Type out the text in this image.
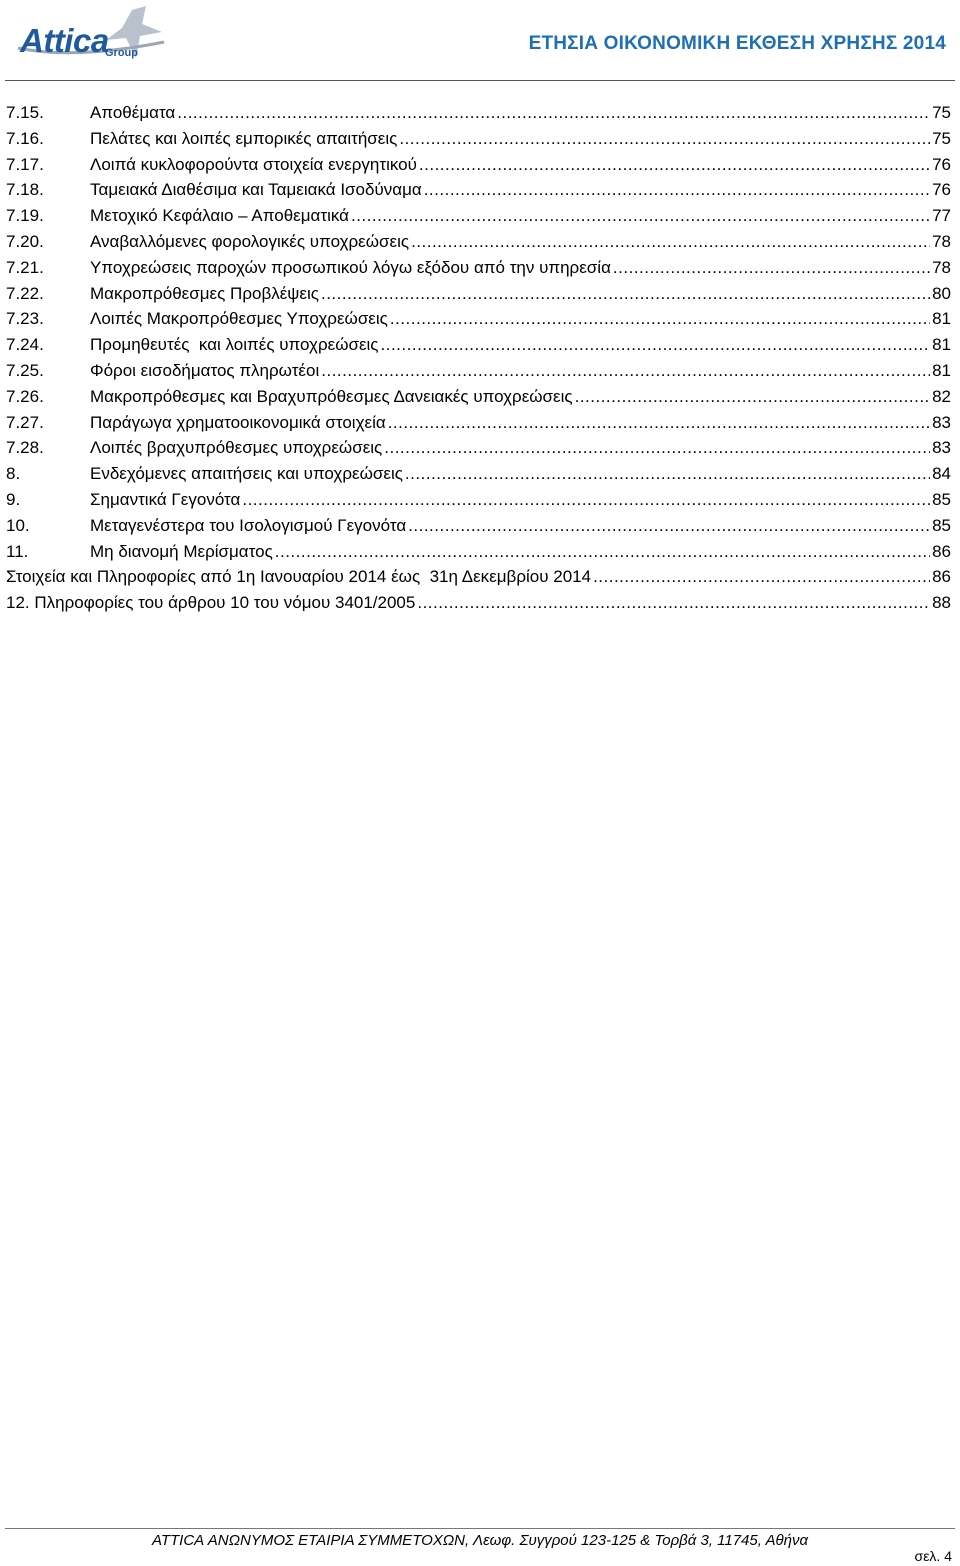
Attica
Group	ΕΤΗΣΙΑ ΟΙΚΟΝΟΜΙΚΗ ΕΚΘΕΣΗ ΧΡΗΣΗΣ 2014
7.15.	Αποθέματα .....	75
7.16.	Πελάτες και λοιπές εμπορικές απαιτήσεις .....	75
7.17.	Λοιπά κυκλοφορούντα στοιχεία ενεργητικού .....	76
7.18.	Ταμειακά Διαθέσιμα και Ταμειακά Ισοδύναμα .....	76
7.19.	Μετοχικό Κεφάλαιο – Αποθεματικά .....	77
7.20.	Αναβαλλόμενες φορολογικές υποχρεώσεις .....	78
7.21.	Υποχρεώσεις παροχών προσωπικού λόγω εξόδου από την υπηρεσία .....	78
7.22.	Μακροπρόθεσμες Προβλέψεις .....	80
7.23.	Λοιπές Μακροπρόθεσμες Υποχρεώσεις .....	81
7.24.	Προμηθευτές  και λοιπές υποχρεώσεις .....	81
7.25.	Φόροι εισοδήματος πληρωτέοι .....	81
7.26.	Μακροπρόθεσμες και Βραχυπρόθεσμες Δανειακές υποχρεώσεις .....	82
7.27.	Παράγωγα χρηματοοικονομικά στοιχεία .....	83
7.28.	Λοιπές βραχυπρόθεσμες υποχρεώσεις .....	83
8.	Ενδεχόμενες απαιτήσεις και υποχρεώσεις .....	84
9.	Σημαντικά Γεγονότα .....	85
10.	Μεταγενέστερα του Ισολογισμού Γεγονότα .....	85
11.	Μη διανομή Μερίσματος .....	86
Στοιχεία και Πληροφορίες από 1η Ιανουαρίου 2014 έως  31η Δεκεμβρίου 2014 .....	86
12. Πληροφορίες του άρθρου 10 του νόμου 3401/2005 .....	88
ATTICA ΑΝΩΝΥΜΟΣ ΕΤΑΙΡΙΑ ΣΥΜΜΕΤΟΧΩΝ, Λεωφ. Συγγρού 123-125 & Τορβά 3, 11745, Αθήνα
σελ. 4
